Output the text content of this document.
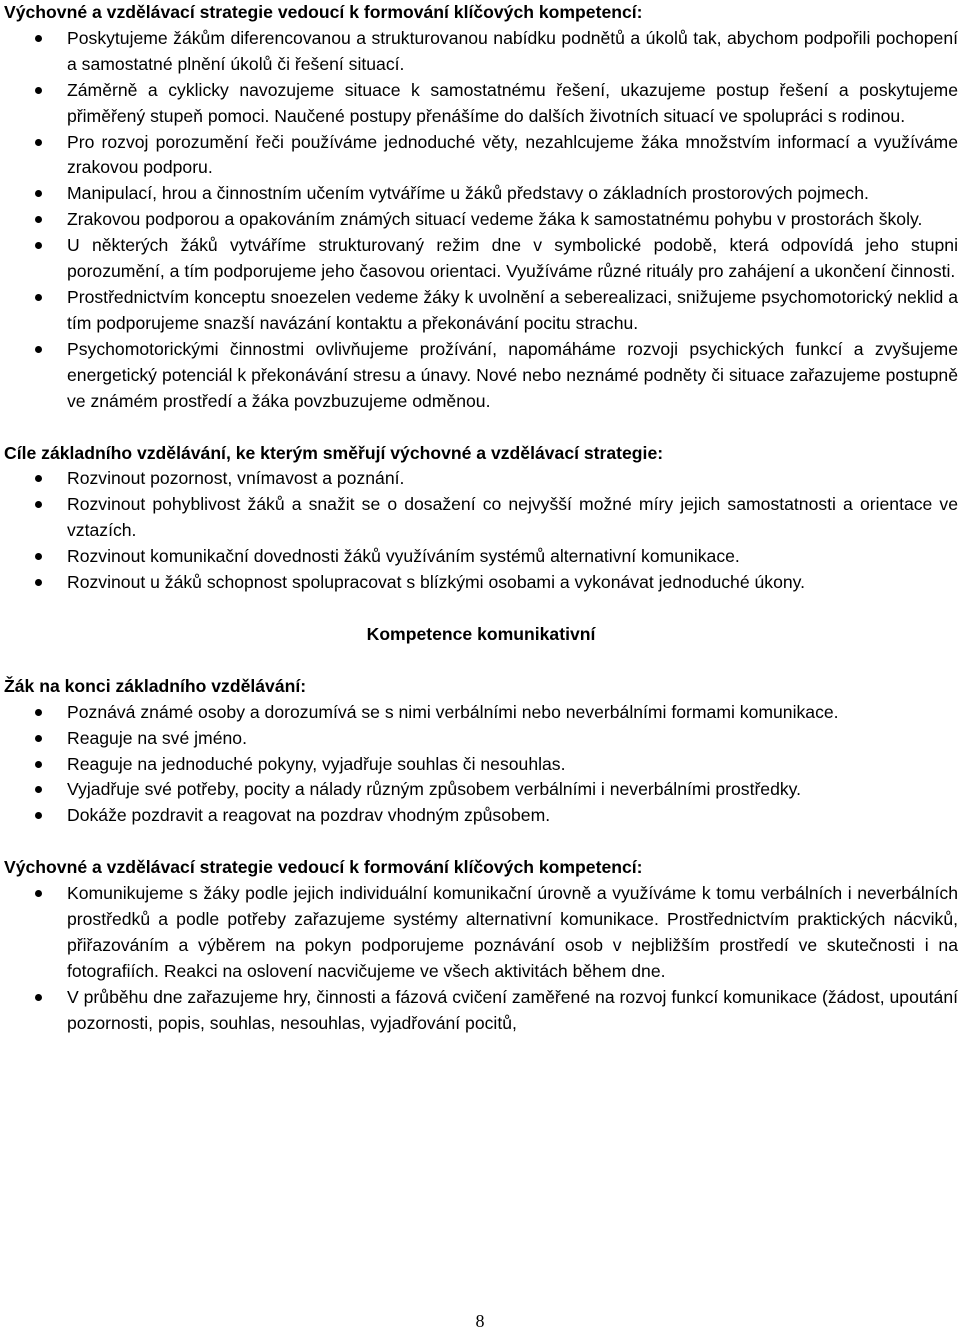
Výchovné a vzdělávací strategie vedoucí k formování klíčových kompetencí:

Poskytujeme žákům diferencovanou a strukturovanou nabídku podnětů a úkolů tak, abychom podpořili pochopení a samostatné plnění úkolů či řešení situací.
Záměrně a cyklicky navozujeme situace k samostatnému řešení, ukazujeme postup řešení a poskytujeme přiměřený stupeň pomoci. Naučené postupy přenášíme do dalších životních situací ve spolupráci s rodinou.
Pro rozvoj porozumění řeči používáme jednoduché věty, nezahlcujeme žáka množstvím informací a využíváme zrakovou podporu.
Manipulací, hrou a činnostním učením vytváříme u žáků představy o základních prostorových pojmech.
Zrakovou podporou a opakováním známých situací vedeme žáka k samostatnému pohybu v prostorách školy.
U některých žáků vytváříme strukturovaný režim dne v symbolické podobě, která odpovídá jeho stupni porozumění, a tím podporujeme jeho časovou orientaci. Využíváme různé rituály pro zahájení a ukončení činnosti.
Prostřednictvím konceptu snoezelen vedeme žáky k uvolnění a seberealizaci, snižujeme psychomotorický neklid a tím podporujeme snazší navázání kontaktu a překonávání pocitu strachu.
Psychomotorickými činnostmi ovlivňujeme prožívání, napomáháme rozvoji psychických funkcí a zvyšujeme energetický potenciál k překonávání stresu a únavy. Nové nebo neznámé podněty či situace zařazujeme postupně ve známém prostředí a žáka povzbuzujeme odměnou.

Cíle základního vzdělávání, ke kterým směřují výchovné a vzdělávací strategie:

Rozvinout pozornost, vnímavost a poznání.
Rozvinout pohyblivost žáků a snažit se o dosažení co nejvyšší možné míry jejich samostatnosti a orientace ve vztazích.
Rozvinout komunikační dovednosti žáků využíváním systémů alternativní komunikace.
Rozvinout u žáků schopnost spolupracovat s blízkými osobami a vykonávat jednoduché úkony.

Kompetence komunikativní

Žák na konci základního vzdělávání:

Poznává známé osoby a dorozumívá se s nimi verbálními nebo neverbálními formami komunikace.
Reaguje na své jméno.
Reaguje na jednoduché pokyny, vyjadřuje souhlas či nesouhlas.
Vyjadřuje své potřeby, pocity a nálady různým způsobem verbálními i neverbálními prostředky.
Dokáže pozdravit a reagovat na pozdrav vhodným způsobem.

Výchovné a vzdělávací strategie vedoucí k formování klíčových kompetencí:

Komunikujeme s žáky podle jejich individuální komunikační úrovně a využíváme k tomu verbálních i neverbálních prostředků a podle potřeby zařazujeme systémy alternativní komunikace. Prostřednictvím praktických nácviků, přiřazováním a výběrem na pokyn podporujeme poznávání osob v nejbližším prostředí ve skutečnosti i na fotografiích. Reakci na oslovení nacvičujeme ve všech aktivitách během dne.
V průběhu dne zařazujeme hry, činnosti a fázová cvičení zaměřené na rozvoj funkcí komunikace (žádost, upoutání pozornosti, popis, souhlas, nesouhlas, vyjadřování pocitů,
8
